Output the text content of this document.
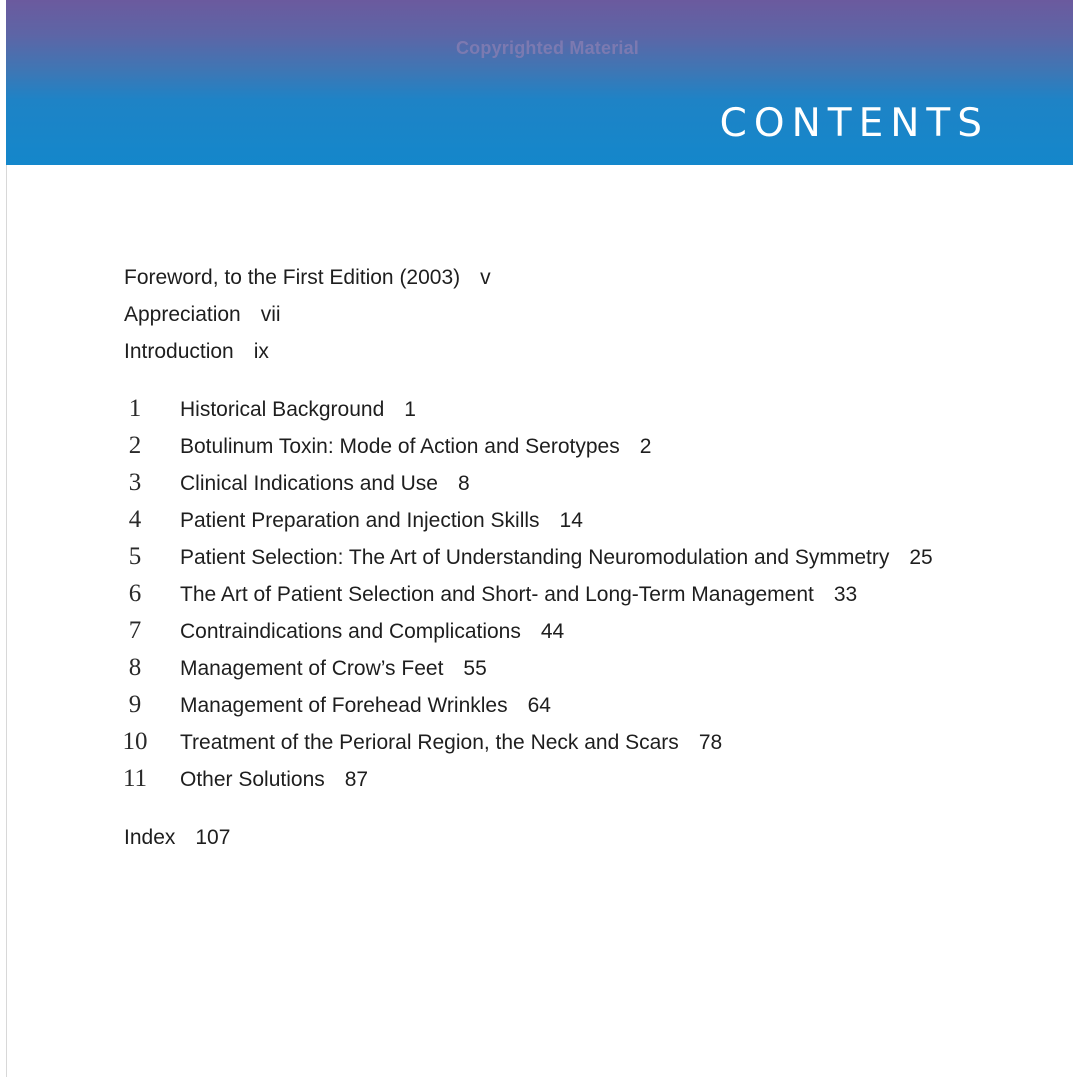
Copyrighted Material
CONTENTS
Foreword, to the First Edition (2003) v
Appreciation vii
Introduction ix
1	Historical Background 1
2	Botulinum Toxin: Mode of Action and Serotypes 2
3	Clinical Indications and Use 8
4	Patient Preparation and Injection Skills 14
5	Patient Selection: The Art of Understanding Neuromodulation and Symmetry 25
6	The Art of Patient Selection and Short- and Long-Term Management 33
7	Contraindications and Complications 44
8	Management of Crow’s Feet 55
9	Management of Forehead Wrinkles 64
10	Treatment of the Perioral Region, the Neck and Scars 78
11	Other Solutions 87
Index 107
